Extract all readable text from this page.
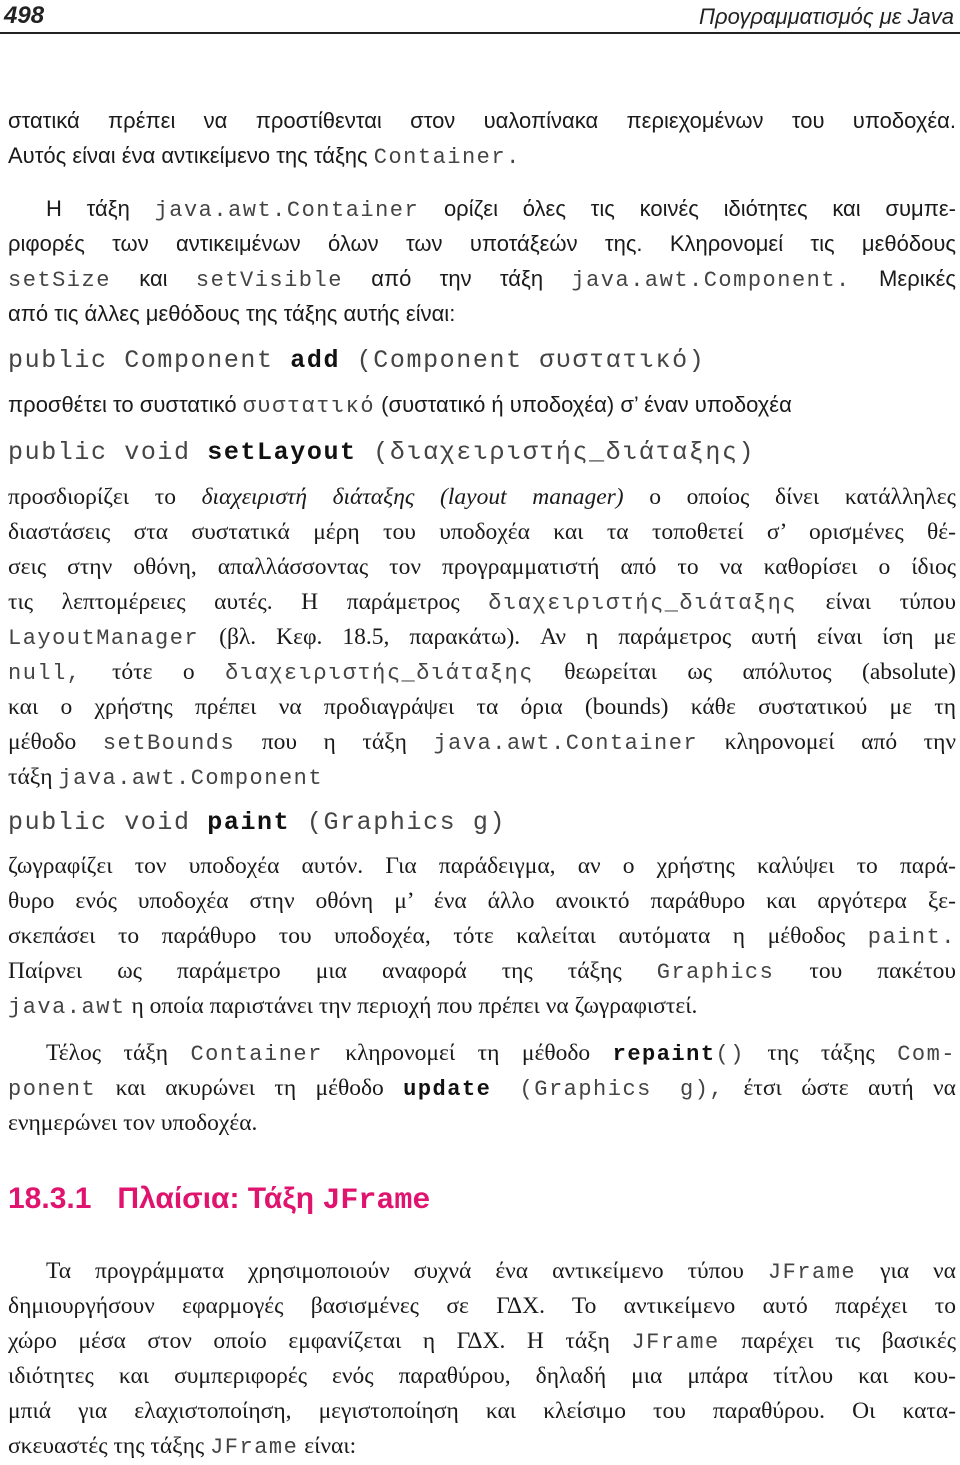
498	Προγραμματισμός με Java
στατικά πρέπει να προστίθενται στον υαλοπίνακα περιεχομένων του υποδοχέα.
Αυτός είναι ένα αντικείμενο της τάξης Container.
Η τάξη java.awt.Container ορίζει όλες τις κοινές ιδιότητες και συμπε-
ριφορές των αντικειμένων όλων των υποτάξεών της. Κληρονομεί τις μεθόδους
setSize και setVisible από την τάξη java.awt.Component. Μερικές
από τις άλλες μεθόδους της τάξης αυτής είναι:
public Component add (Component συστατικό)
προσθέτει το συστατικό συστατικό (συστατικό ή υποδοχέα) σ’ έναν υποδοχέα
public void setLayout (διαχειριστής_διάταξης)
προσδιορίζει το διαχειριστή διάταξης (layout manager) ο οποίος δίνει κατάλληλες
διαστάσεις στα συστατικά μέρη του υποδοχέα και τα τοποθετεί σ’ ορισμένες θέ-
σεις στην οθόνη, απαλλάσσοντας τον προγραμματιστή από το να καθορίσει ο ίδιος
τις λεπτομέρειες αυτές. Η παράμετρος διαχειριστής_διάταξης είναι τύπου
LayoutManager (βλ. Κεφ. 18.5, παρακάτω). Αν η παράμετρος αυτή είναι ίση με
null, τότε ο διαχειριστής_διάταξης θεωρείται ως απόλυτος (absolute)
και ο χρήστης πρέπει να προδιαγράψει τα όρια (bounds) κάθε συστατικού με τη
μέθοδο setBounds που η τάξη java.awt.Container κληρονομεί από την
τάξη java.awt.Component
public void paint (Graphics g)
ζωγραφίζει τον υποδοχέα αυτόν. Για παράδειγμα, αν ο χρήστης καλύψει το παρά-
θυρο ενός υποδοχέα στην οθόνη μ’ ένα άλλο ανοικτό παράθυρο και αργότερα ξε-
σκεπάσει το παράθυρο του υποδοχέα, τότε καλείται αυτόματα η μέθοδος paint.
Παίρνει ως παράμετρο μια αναφορά της τάξης Graphics του πακέτου
java.awt η οποία παριστάνει την περιοχή που πρέπει να ζωγραφιστεί.
Τέλος τάξη Container κληρονομεί τη μέθοδο repaint() της τάξης Com-
ponent και ακυρώνει τη μέθοδο update (Graphics g), έτσι ώστε αυτή να
ενημερώνει τον υποδοχέα.
18.3.1 Πλαίσια: Τάξη JFrame
Τα προγράμματα χρησιμοποιούν συχνά ένα αντικείμενο τύπου JFrame για να
δημιουργήσουν εφαρμογές βασισμένες σε ΓΔΧ. Το αντικείμενο αυτό παρέχει το
χώρο μέσα στον οποίο εμφανίζεται η ΓΔΧ. Η τάξη JFrame παρέχει τις βασικές
ιδιότητες και συμπεριφορές ενός παραθύρου, δηλαδή μια μπάρα τίτλου και κου-
μπιά για ελαχιστοποίηση, μεγιστοποίηση και κλείσιμο του παραθύρου. Οι κατα-
σκευαστές της τάξης JFrame είναι:
